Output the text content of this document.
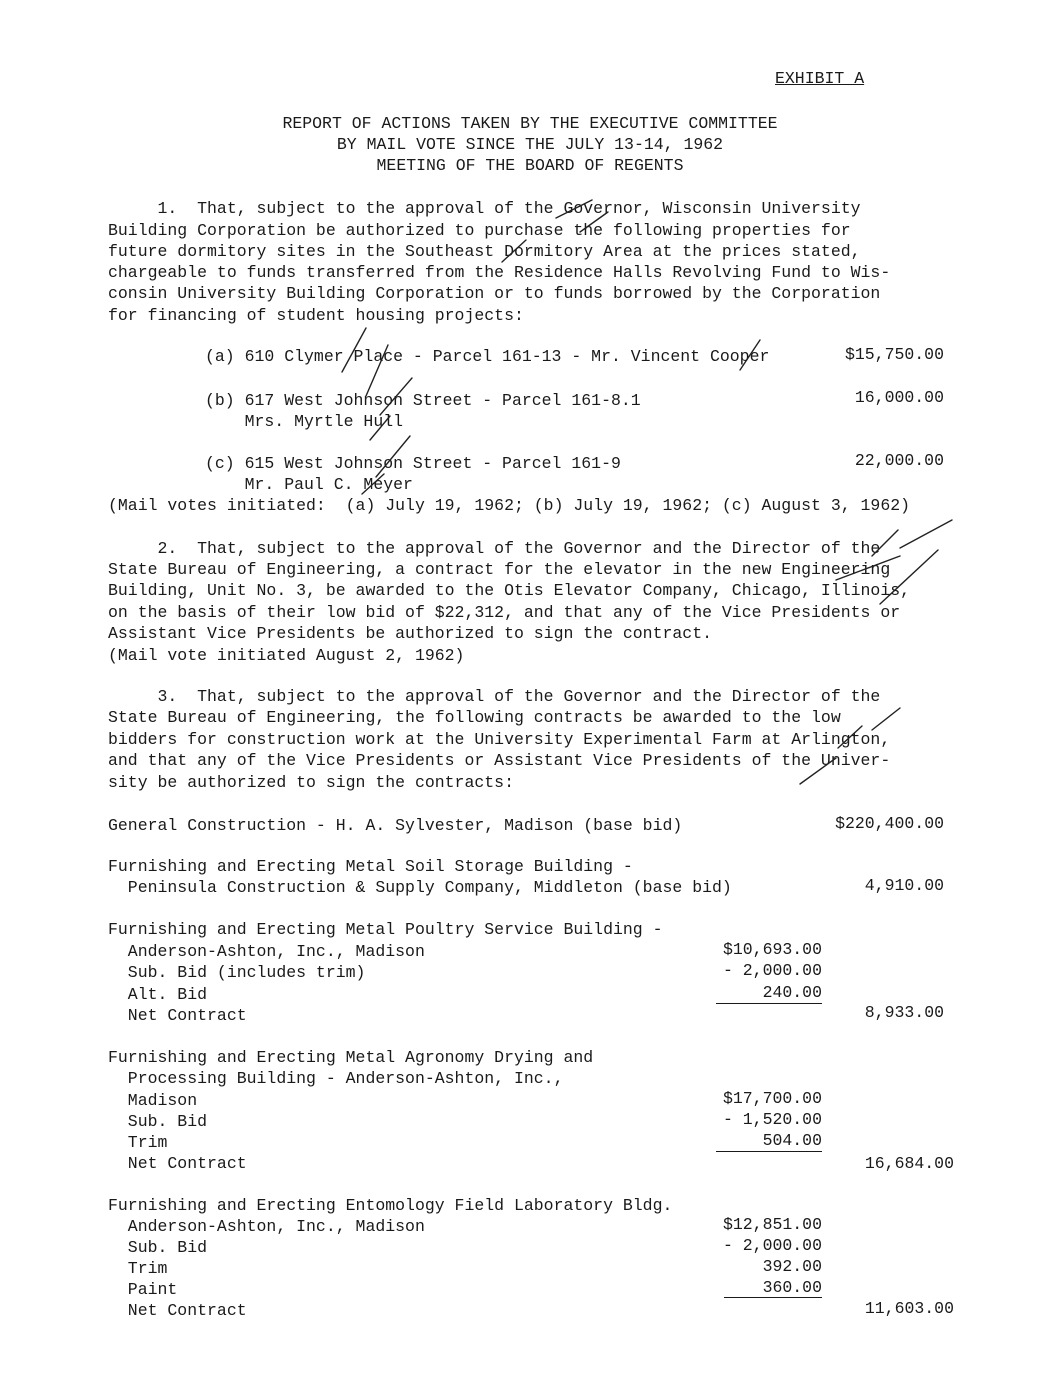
EXHIBIT A
REPORT OF ACTIONS TAKEN BY THE EXECUTIVE COMMITTEE
BY MAIL VOTE SINCE THE JULY 13-14, 1962
MEETING OF THE BOARD OF REGENTS
1.  That, subject to the approval of the Governor, Wisconsin University
Building Corporation be authorized to purchase the following properties for
future dormitory sites in the Southeast Dormitory Area at the prices stated,
chargeable to funds transferred from the Residence Halls Revolving Fund to Wis-
consin University Building Corporation or to funds borrowed by the Corporation
for financing of student housing projects:
(a) 610 Clymer Place - Parcel 161-13 - Mr. Vincent Cooper	$15,750.00
(b) 617 West Johnson Street - Parcel 161-8.1
Mrs. Myrtle Hull
16,000.00
(c) 615 West Johnson Street - Parcel 161-9
Mr. Paul C. Meyer
22,000.00
(Mail votes initiated:  (a) July 19, 1962; (b) July 19, 1962; (c) August 3, 1962)
2.  That, subject to the approval of the Governor and the Director of the
State Bureau of Engineering, a contract for the elevator in the new Engineering
Building, Unit No. 3, be awarded to the Otis Elevator Company, Chicago, Illinois,
on the basis of their low bid of $22,312, and that any of the Vice Presidents or
Assistant Vice Presidents be authorized to sign the contract.
(Mail vote initiated August 2, 1962)
3.  That, subject to the approval of the Governor and the Director of the
State Bureau of Engineering, the following contracts be awarded to the low
bidders for construction work at the University Experimental Farm at Arlington,
and that any of the Vice Presidents or Assistant Vice Presidents of the Univer-
sity be authorized to sign the contracts:
General Construction - H. A. Sylvester, Madison (base bid)	$220,400.00
Furnishing and Erecting Metal Soil Storage Building -
Peninsula Construction & Supply Company, Middleton (base bid)	4,910.00
Furnishing and Erecting Metal Poultry Service Building -
Anderson-Ashton, Inc., Madison	$10,693.00
Sub. Bid (includes trim)	- 2,000.00
Alt. Bid	240.00
Net Contract	8,933.00
Furnishing and Erecting Metal Agronomy Drying and
Processing Building - Anderson-Ashton, Inc.,
Madison	$17,700.00
Sub. Bid	- 1,520.00
Trim	504.00
Net Contract	16,684.00
Furnishing and Erecting Entomology Field Laboratory Bldg.
Anderson-Ashton, Inc., Madison	$12,851.00
Sub. Bid	- 2,000.00
Trim	392.00
Paint	360.00
Net Contract	11,603.00
